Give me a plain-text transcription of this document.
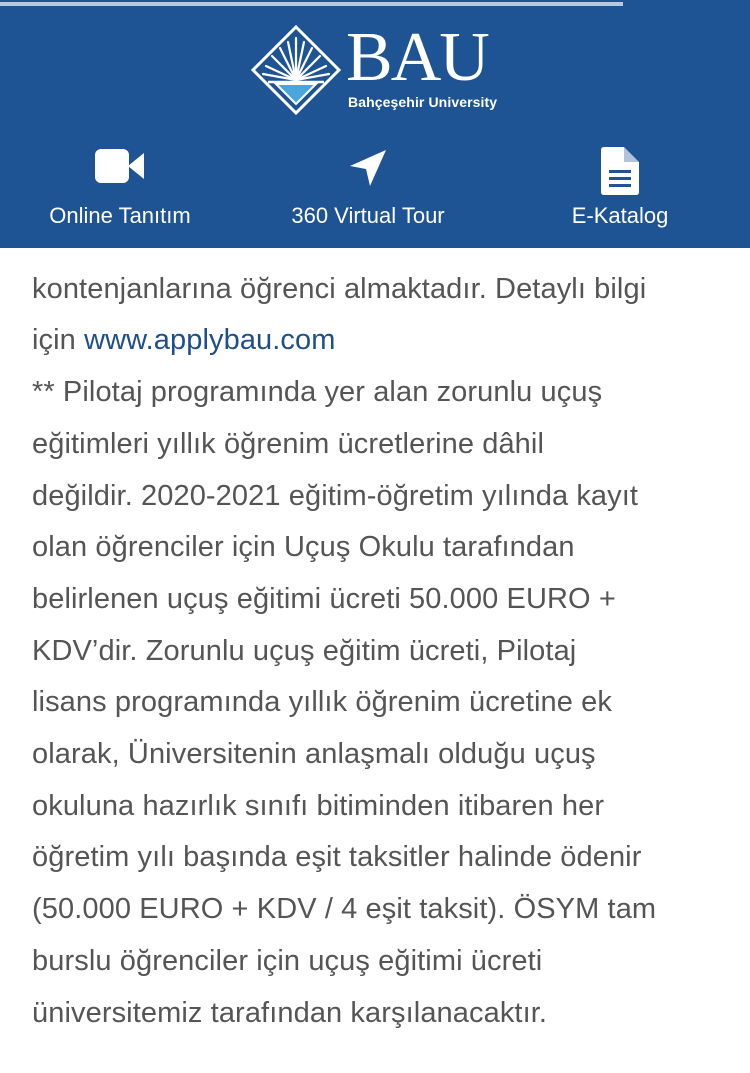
kontenjanlarına öğrenci almaktadır. Detaylı bilgi

için www.applybau.com

** Pilotaj programında yer alan zorunlu uçuş

eğitimleri yıllık öğrenim ücretlerine dâhil

değildir. 2020-2021 eğitim-öğretim yılında kayıt

olan öğrenciler için Uçuş Okulu tarafından

belirlenen uçuş eğitimi ücreti 50.000 EURO +

KDV’dir. Zorunlu uçuş eğitim ücreti, Pilotaj

lisans programında yıllık öğrenim ücretine ek

olarak, Üniversitenin anlaşmalı olduğu uçuş

okuluna hazırlık sınıfı bitiminden itibaren her

öğretim yılı başında eşit taksitler halinde ödenir

(50.000 EURO + KDV / 4 eşit taksit). ÖSYM tam

burslu öğrenciler için uçuş eğitimi ücreti

üniversitemiz tarafından karşılanacaktır.

BAU
Bahçeşehir University
Online Tanıtım	360 Virtual Tour	E-Katalog
